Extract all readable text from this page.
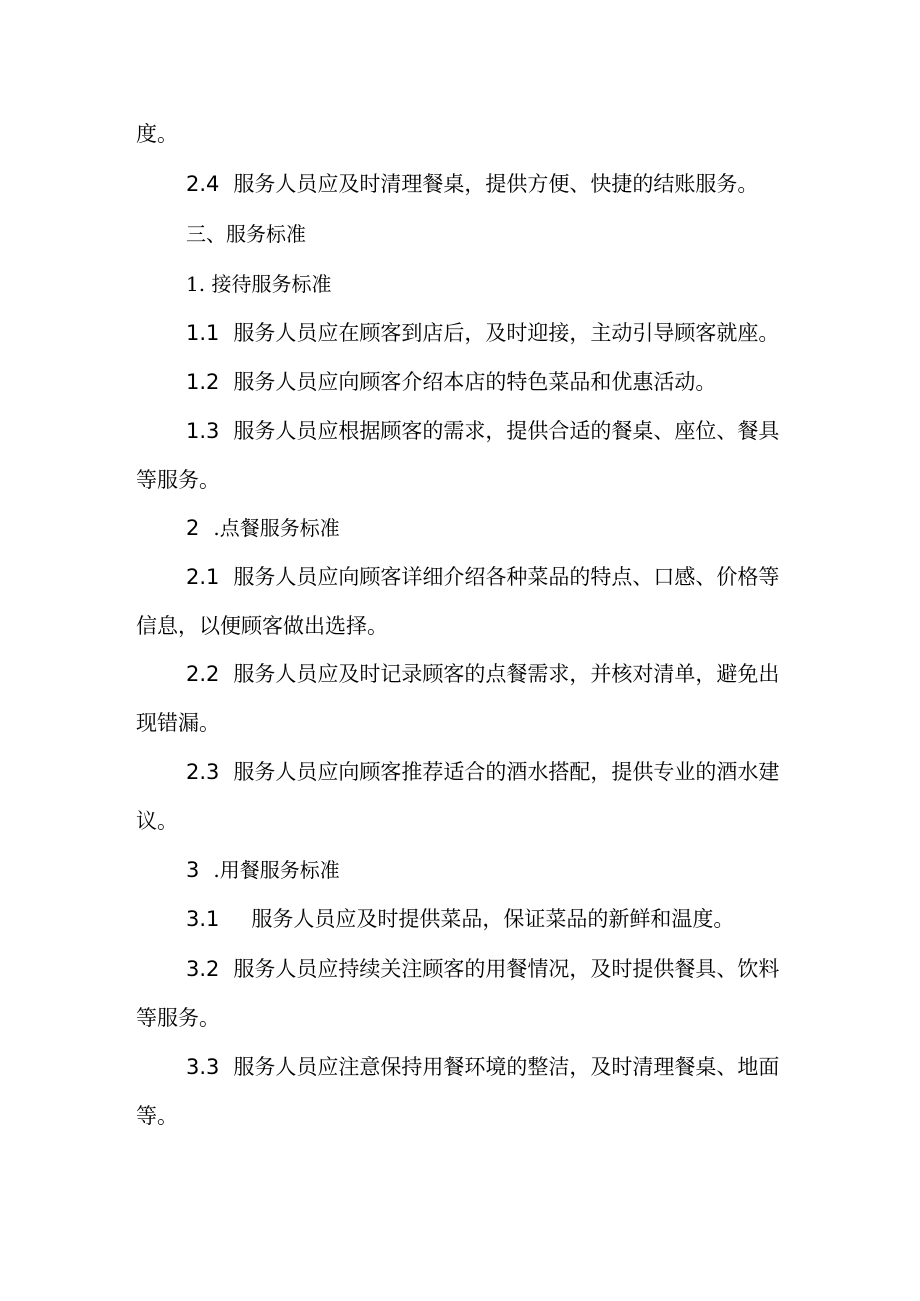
度。
2.4 服务人员应及时清理餐桌，提供方便、快捷的结账服务。
三、服务标准
1. 接待服务标准
1.1 服务人员应在顾客到店后，及时迎接，主动引导顾客就座。
1.2 服务人员应向顾客介绍本店的特色菜品和优惠活动。
1.3 服务人员应根据顾客的需求，提供合适的餐桌、座位、餐具
等服务。
2 .点餐服务标准
2.1 服务人员应向顾客详细介绍各种菜品的特点、口感、价格等
信息，以便顾客做出选择。
2.2 服务人员应及时记录顾客的点餐需求，并核对清单，避免出
现错漏。
2.3 服务人员应向顾客推荐适合的酒水搭配，提供专业的酒水建
议。
3 .用餐服务标准
3.1 服务人员应及时提供菜品，保证菜品的新鲜和温度。
3.2 服务人员应持续关注顾客的用餐情况，及时提供餐具、饮料
等服务。
3.3 服务人员应注意保持用餐环境的整洁，及时清理餐桌、地面
等。
